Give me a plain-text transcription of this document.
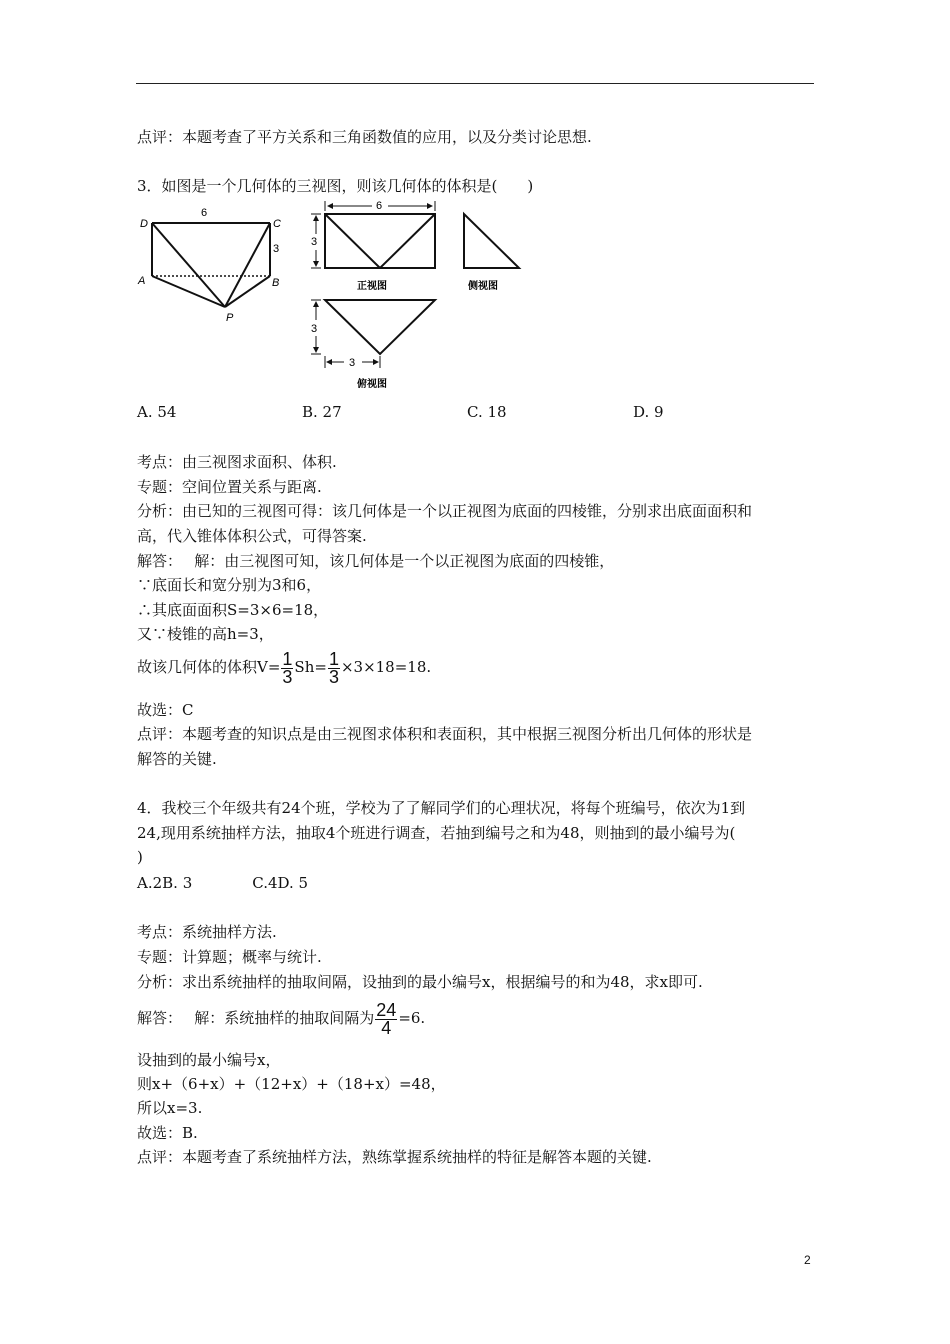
点评：本题考查了平方关系和三角函数值的应用，以及分类讨论思想.
3．如图是一个几何体的三视图，则该几何体的体积是(　　)
D	C
A	B
P
6
3
6
3
正视图	侧视图
3
3
俯视图
A. 54	B. 27	C. 18	D. 9
考点：由三视图求面积、体积.
专题：空间位置关系与距离.
分析：由已知的三视图可得：该几何体是一个以正视图为底面的四棱锥，分别求出底面面积和
高，代入锥体体积公式，可得答案.
解答：　 解：由三视图可知，该几何体是一个以正视图为底面的四棱锥，
∵底面长和宽分别为3和6，
∴其底面面积S=3×6=18，
又∵棱锥的高h=3，
故该几何体的体积$V= \frac{1}{3} Sh= \frac{1}{3} \times 3\times 18=18$.
故选：C
点评：本题考查的知识点是由三视图求体积和表面积，其中根据三视图分析出几何体的形状是
解答的关键.
4．我校三个年级共有24个班，学校为了了解同学们的心理状况，将每个班编号，依次为1到
24,现用系统抽样方法，抽取4个班进行调查，若抽到编号之和为48，则抽到的最小编号为(
)
A.2B. 3　　　　C.4D. 5
考点：系统抽样方法.
专题：计算题；概率与统计.
分析：求出系统抽样的抽取间隔，设抽到的最小编号x，根据编号的和为48，求x即可.
解答：　 解：系统抽样的抽取间隔为 $\frac{24}{4} =6$.
设抽到的最小编号x，
则x+（6+x）+（12+x）+（18+x）=48，
所以x=3.
故选：B.
点评：本题考查了系统抽样方法，熟练掌握系统抽样的特征是解答本题的关键.
2
